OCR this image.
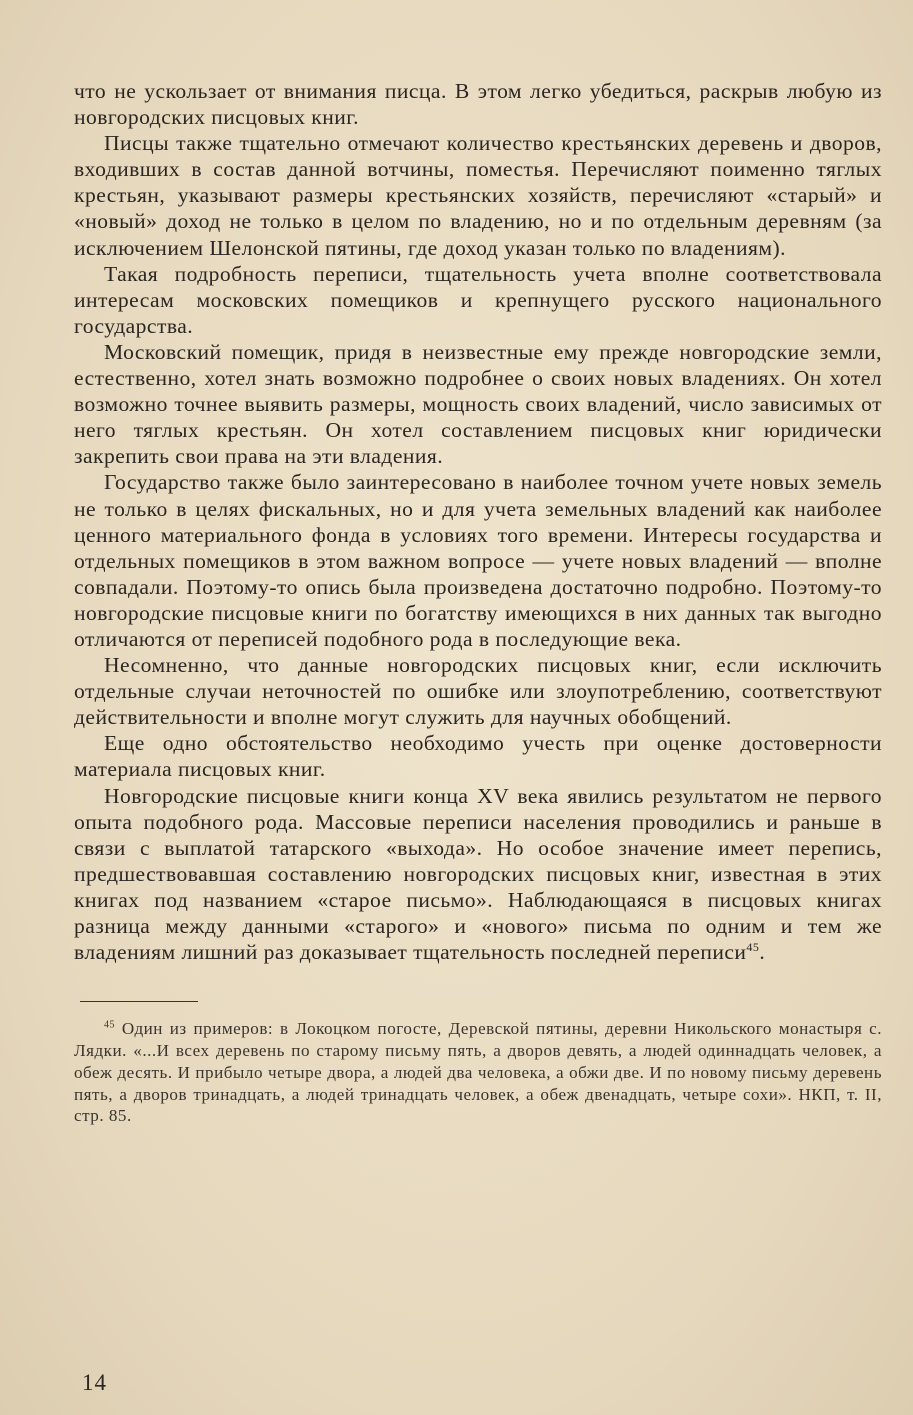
что не ускользает от внимания писца. В этом легко убедиться, раскрыв любую из новгородских писцовых книг.

Писцы также тщательно отмечают количество крестьянских деревень и дворов, входивших в состав данной вотчины, поместья. Перечисляют поименно тяглых крестьян, указывают размеры крестьянских хозяйств, перечисляют «старый» и «новый» доход не только в целом по владению, но и по отдельным деревням (за исключением Шелонской пятины, где доход указан только по владениям).

Такая подробность переписи, тщательность учета вполне соответствовала интересам московских помещиков и крепнущего русского национального государства.

Московский помещик, придя в неизвестные ему прежде новгородские земли, естественно, хотел знать возможно подробнее о своих новых владениях. Он хотел возможно точнее выявить размеры, мощность своих владений, число зависимых от него тяглых крестьян. Он хотел составлением писцовых книг юридически закрепить свои права на эти владения.

Государство также было заинтересовано в наиболее точном учете новых земель не только в целях фискальных, но и для учета земельных владений как наиболее ценного материального фонда в условиях того времени. Интересы государства и отдельных помещиков в этом важном вопросе — учете новых владений — вполне совпадали. Поэтому-то опись была произведена достаточно подробно. Поэтому-то новгородские писцовые книги по богатству имеющихся в них данных так выгодно отличаются от переписей подобного рода в последующие века.

Несомненно, что данные новгородских писцовых книг, если исключить отдельные случаи неточностей по ошибке или злоупотреблению, соответствуют действительности и вполне могут служить для научных обобщений.

Еще одно обстоятельство необходимо учесть при оценке достоверности материала писцовых книг.

Новгородские писцовые книги конца XV века явились результатом не первого опыта подобного рода. Массовые переписи населения проводились и раньше в связи с выплатой татарского «выхода». Но особое значение имеет перепись, предшествовавшая составлению новгородских писцовых книг, известная в этих книгах под названием «старое письмо». Наблюдающаяся в писцовых книгах разница между данными «старого» и «нового» письма по одним и тем же владениям лишний раз доказывает тщательность последней переписи$^{45}$.

$^{45}$ Один из примеров: в Локоцком погосте, Деревской пятины, деревни Никольского монастыря с. Лядки. «...И всех деревень по старому письму пять, а дворов девять, а людей одиннадцать человек, а обеж десять. И прибыло четыре двора, а людей два человека, а обжи две. И по новому письму деревень пять, а дворов тринадцать, а людей тринадцать человек, а обеж двенадцать, четыре сохи». НКП, т. II, стр. 85.

14
